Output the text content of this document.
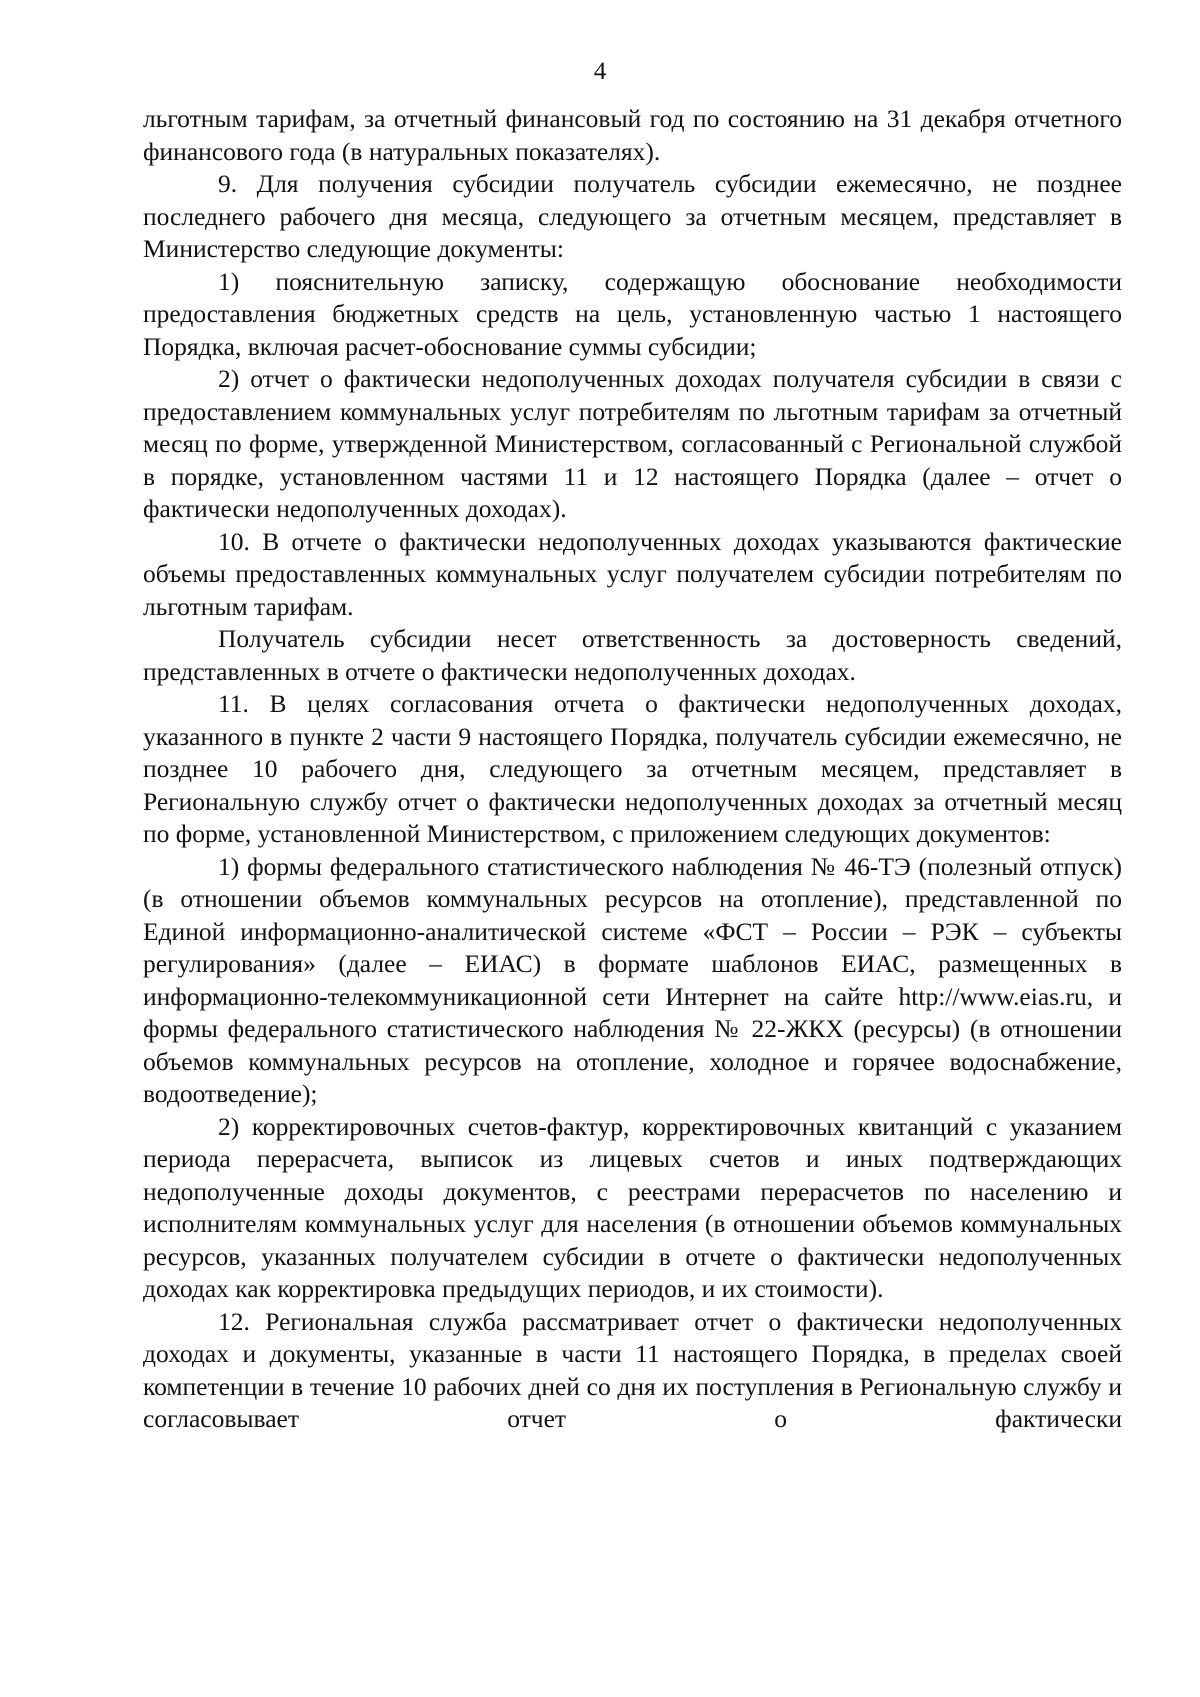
4

льготным тарифам, за отчетный финансовый год по состоянию на 31 декабря отчетного финансового года (в натуральных показателях).

9. Для получения субсидии получатель субсидии ежемесячно, не позднее последнего рабочего дня месяца, следующего за отчетным месяцем, представляет в Министерство следующие документы:

1) пояснительную записку, содержащую обоснование необходимости предоставления бюджетных средств на цель, установленную частью 1 настоящего Порядка, включая расчет-обоснование суммы субсидии;

2) отчет о фактически недополученных доходах получателя субсидии в связи с предоставлением коммунальных услуг потребителям по льготным тарифам за отчетный месяц по форме, утвержденной Министерством, согласованный с Региональной службой в порядке, установленном частями 11 и 12 настоящего Порядка (далее – отчет о фактически недополученных доходах).

10. В отчете о фактически недополученных доходах указываются фактические объемы предоставленных коммунальных услуг получателем субсидии потребителям по льготным тарифам.

Получатель субсидии несет ответственность за достоверность сведений, представленных в отчете о фактически недополученных доходах.

11. В целях согласования отчета о фактически недополученных доходах, указанного в пункте 2 части 9 настоящего Порядка, получатель субсидии ежемесячно, не позднее 10 рабочего дня, следующего за отчетным месяцем, представляет в Региональную службу отчет о фактически недополученных доходах за отчетный месяц по форме, установленной Министерством, с приложением следующих документов:

1) формы федерального статистического наблюдения № 46-ТЭ (полезный отпуск) (в отношении объемов коммунальных ресурсов на отопление), представленной по Единой информационно-аналитической системе «ФСТ – России – РЭК – субъекты регулирования» (далее – ЕИАС) в формате шаблонов ЕИАС, размещенных в информационно-телекоммуникационной сети Интернет на сайте http://www.eias.ru, и формы федерального статистического наблюдения № 22-ЖКХ (ресурсы) (в отношении объемов коммунальных ресурсов на отопление, холодное и горячее водоснабжение, водоотведение);

2) корректировочных счетов-фактур, корректировочных квитанций с указанием периода перерасчета, выписок из лицевых счетов и иных подтверждающих недополученные доходы документов, с реестрами перерасчетов по населению и исполнителям коммунальных услуг для населения (в отношении объемов коммунальных ресурсов, указанных получателем субсидии в отчете о фактически недополученных доходах как корректировка предыдущих периодов, и их стоимости).

12. Региональная служба рассматривает отчет о фактически недополученных доходах и документы, указанные в части 11 настоящего Порядка, в пределах своей компетенции в течение 10 рабочих дней со дня их поступления в Региональную службу и согласовывает отчет о фактически
